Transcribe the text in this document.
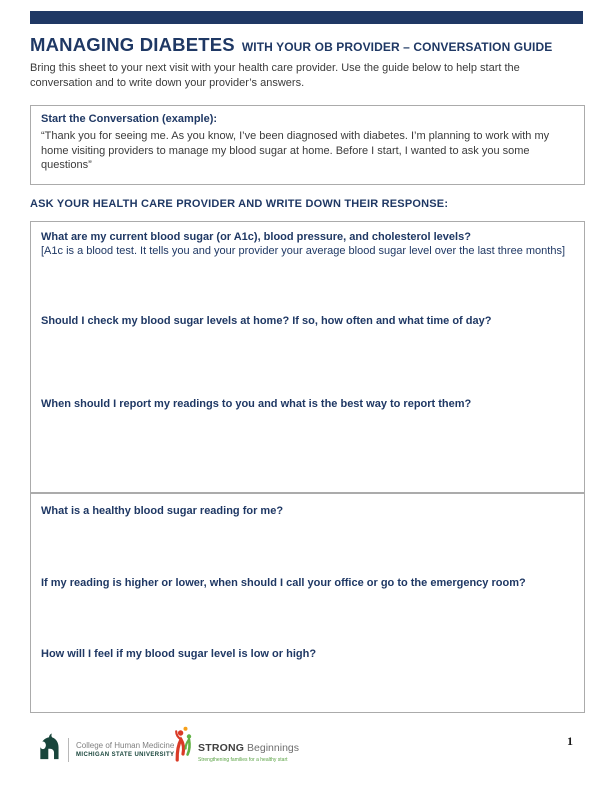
MANAGING DIABETES WITH YOUR OB PROVIDER – CONVERSATION GUIDE

Bring this sheet to your next visit with your health care provider. Use the guide below to help start the conversation and to write down your provider’s answers.

Start the Conversation (example):
“Thank you for seeing me. As you know, I’ve been diagnosed with diabetes. I’m planning to work with my home visiting providers to manage my blood sugar at home. Before I start, I wanted to ask you some questions”
ASK YOUR HEALTH CARE PROVIDER AND WRITE DOWN THEIR RESPONSE:
What are my current blood sugar (or A1c), blood pressure, and cholesterol levels?
[A1c is a blood test. It tells you and your provider your average blood sugar level over the last three months]
Should I check my blood sugar levels at home? If so, how often and what time of day?
When should I report my readings to you and what is the best way to report them?
What is a healthy blood sugar reading for me?
If my reading is higher or lower, when should I call your office or go to the emergency room?
How will I feel if my blood sugar level is low or high?
College of Human Medicine
MICHIGAN STATE UNIVERSITY
STRONG Beginnings
Strengthening families for a healthy start
1
